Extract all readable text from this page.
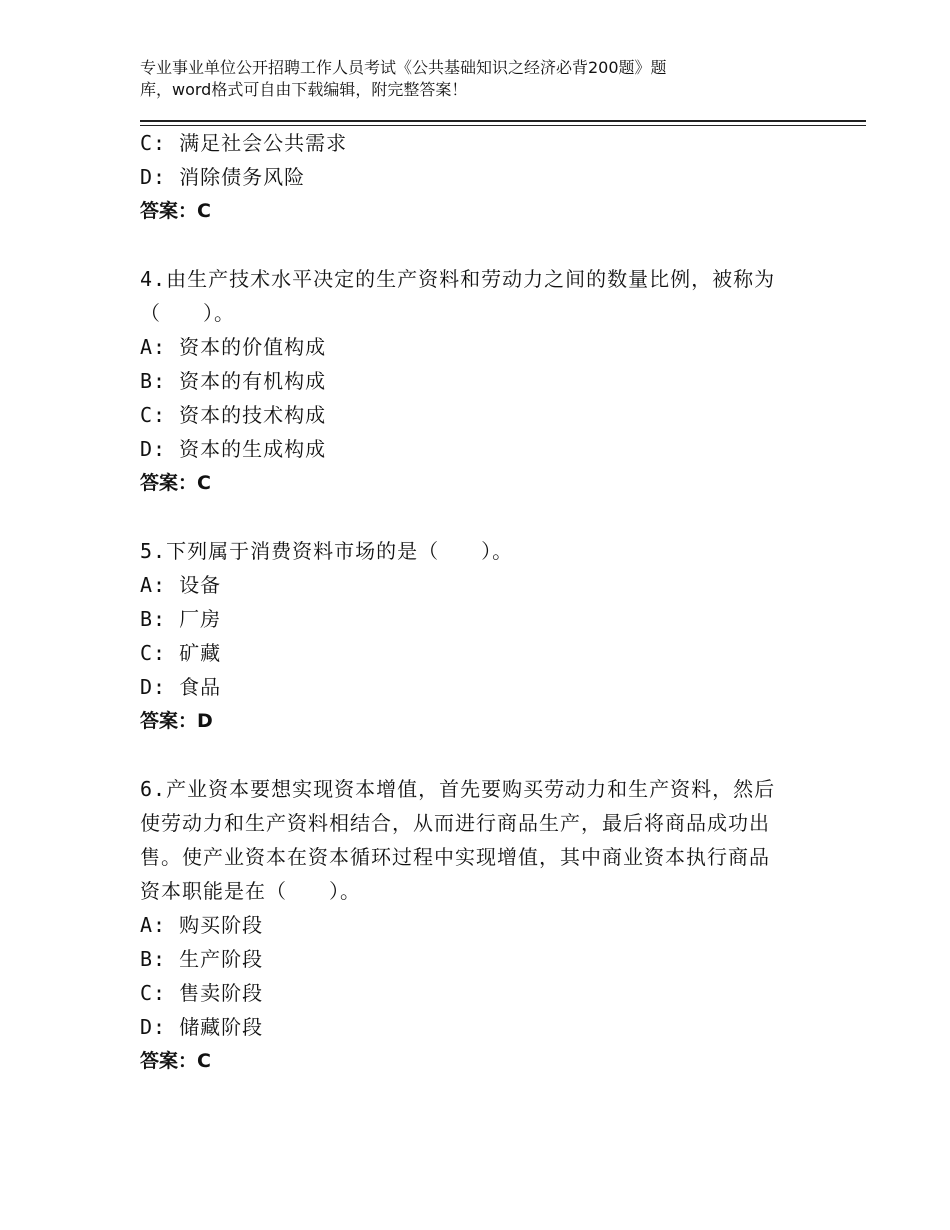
专业事业单位公开招聘工作人员考试《公共基础知识之经济必背200题》题
库，word格式可自由下载编辑，附完整答案！
C: 满足社会公共需求
D: 消除债务风险
答案：C
4.由生产技术水平决定的生产资料和劳动力之间的数量比例，被称为
（　　）。
A: 资本的价值构成
B: 资本的有机构成
C: 资本的技术构成
D: 资本的生成构成
答案：C
5.下列属于消费资料市场的是（　　）。
A: 设备
B: 厂房
C: 矿藏
D: 食品
答案：D
6.产业资本要想实现资本增值，首先要购买劳动力和生产资料，然后
使劳动力和生产资料相结合，从而进行商品生产，最后将商品成功出
售。使产业资本在资本循环过程中实现增值，其中商业资本执行商品
资本职能是在（　　）。
A: 购买阶段
B: 生产阶段
C: 售卖阶段
D: 储藏阶段
答案：C
